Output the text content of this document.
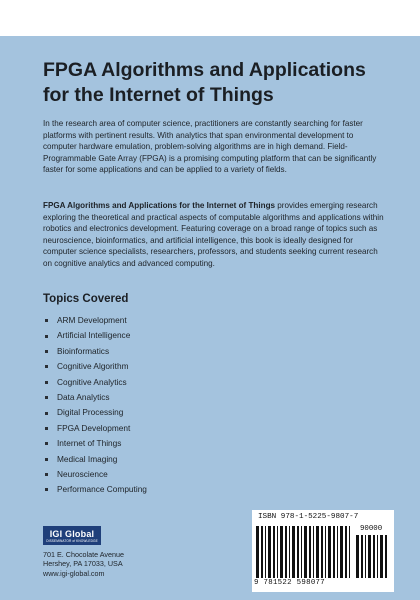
FPGA Algorithms and Applications
for the Internet of Things

In the research area of computer science, practitioners are constantly searching for faster platforms with pertinent results. With analytics that span environmental development to computer hardware emulation, problem-solving algorithms are in high demand. Field-Programmable Gate Array (FPGA) is a promising computing platform that can be significantly faster for some applications and can be applied to a variety of fields.

FPGA Algorithms and Applications for the Internet of Things provides emerging research exploring the theoretical and practical aspects of computable algorithms and applications within robotics and electronics development. Featuring coverage on a broad range of topics such as neuroscience, bioinformatics, and artificial intelligence, this book is ideally designed for computer science specialists, researchers, professors, and students seeking current research on cognitive analytics and advanced computing.

Topics Covered
ARM Development
Artificial Intelligence
Bioinformatics
Cognitive Algorithm
Cognitive Analytics
Data Analytics
Digital Processing
FPGA Development
Internet of Things
Medical Imaging
Neuroscience
Performance Computing
IGI Global
DISSEMINATOR of KNOWLEDGE
701 E. Chocolate Avenue
Hershey, PA 17033, USA
www.igi-global.com
ISBN 978-1-5225-9807-7
90000
9 781522 598077
